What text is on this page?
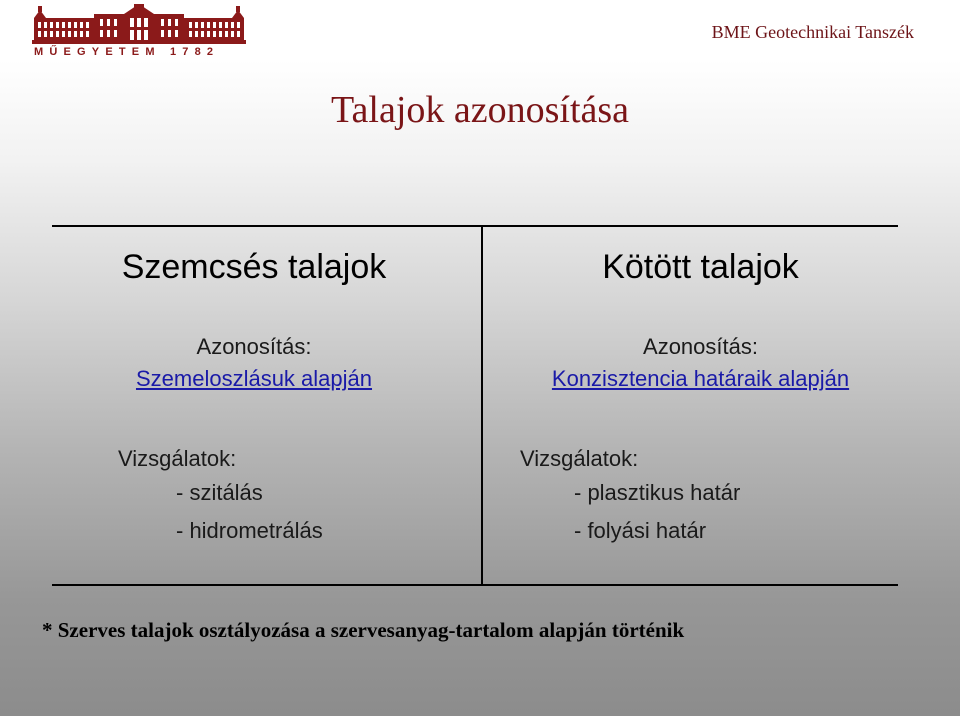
MŰEGYETEM 1782
BME Geotechnikai Tanszék
Talajok azonosítása
Szemcsés talajok	Kötött talajok
Azonosítás:
Szemeloszlásuk alapján
Azonosítás:
Konzisztencia határaik alapján
Vizsgálatok:
- szitálás
- hidrometrálás
Vizsgálatok:
- plasztikus határ
- folyási határ
* Szerves talajok osztályozása a szervesanyag-tartalom alapján történik
